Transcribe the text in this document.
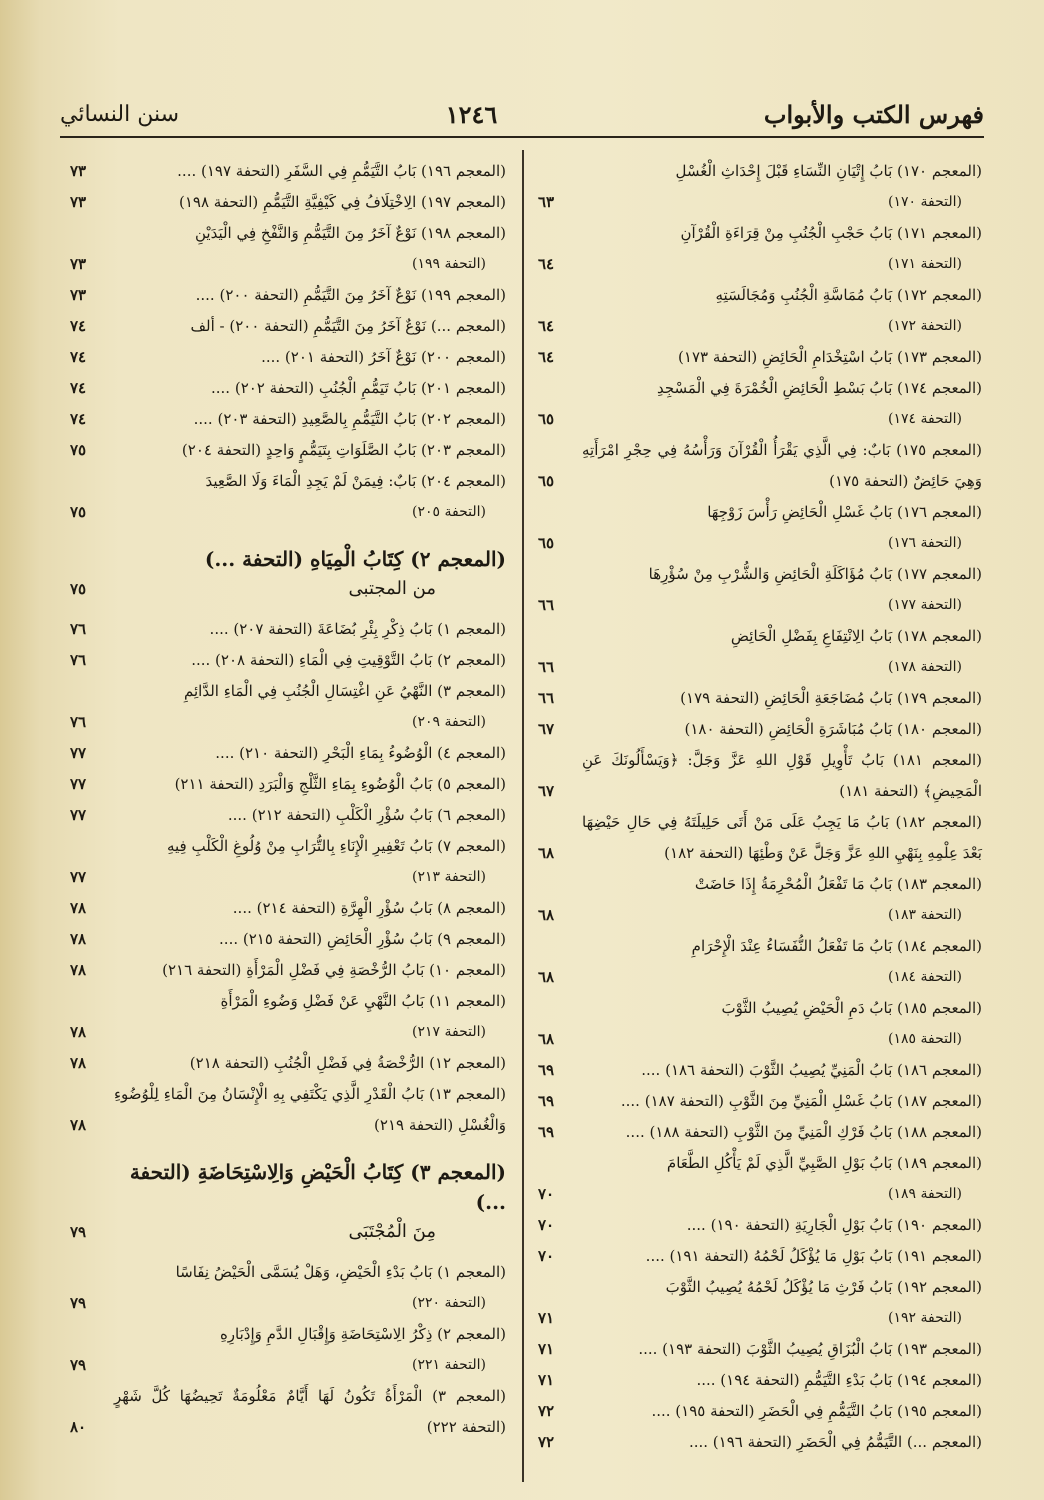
فهرس الكتب والأبواب
١٢٤٦
سنن النسائي
(المعجم ١٧٠) بَابُ إِتْيَانِ النِّسَاءِ قَبْلَ إِحْدَاثِ الْغُسْلِ
(التحفة ١٧٠)
٦٣
(المعجم ١٧١) بَابُ حَجْبِ الْجُنُبِ مِنْ قِرَاءَةِ الْقُرْآنِ
(التحفة ١٧١)
٦٤
(المعجم ١٧٢) بَابُ مُمَاسَّةِ الْجُنُبِ وَمُجَالَسَتِهِ
(التحفة ١٧٢)
٦٤
(المعجم ١٧٣) بَابُ اسْتِخْدَامِ الْحَائِضِ (التحفة ١٧٣)
٦٤
(المعجم ١٧٤) بَابُ بَسْطِ الْحَائِضِ الْخُمْرَةَ فِي الْمَسْجِدِ
(التحفة ١٧٤)
٦٥
(المعجم ١٧٥) بَابٌ: فِي الَّذِي يَقْرَأُ الْقُرْآنَ وَرَأْسُهُ فِي حِجْرِ امْرَأَتِهِ وَهِيَ حَائِضٌ (التحفة ١٧٥)
٦٥
(المعجم ١٧٦) بَابُ غَسْلِ الْحَائِضِ رَأْسَ زَوْجِهَا
(التحفة ١٧٦)
٦٥
(المعجم ١٧٧) بَابُ مُؤَاكَلَةِ الْحَائِضِ وَالشُّرْبِ مِنْ سُؤْرِهَا
(التحفة ١٧٧)
٦٦
(المعجم ١٧٨) بَابُ الِانْتِفَاعِ بِفَضْلِ الْحَائِضِ
(التحفة ١٧٨)
٦٦
(المعجم ١٧٩) بَابُ مُضَاجَعَةِ الْحَائِضِ (التحفة ١٧٩)
٦٦
(المعجم ١٨٠) بَابُ مُبَاشَرَةِ الْحَائِضِ (التحفة ١٨٠)
٦٧
(المعجم ١٨١) بَابُ تَأْوِيلِ قَوْلِ اللهِ عَزَّ وَجَلَّ: ﴿وَيَسْأَلُونَكَ عَنِ الْمَحِيضِ﴾ (التحفة ١٨١)
٦٧
(المعجم ١٨٢) بَابُ مَا يَجِبُ عَلَى مَنْ أَتَى حَلِيلَتَهُ فِي حَالِ حَيْضِهَا بَعْدَ عِلْمِهِ بِنَهْيِ اللهِ عَزَّ وَجَلَّ عَنْ وَطْئِهَا (التحفة ١٨٢)
٦٨
(المعجم ١٨٣) بَابُ مَا تَفْعَلُ الْمُحْرِمَةُ إِذَا حَاضَتْ
(التحفة ١٨٣)
٦٨
(المعجم ١٨٤) بَابُ مَا تَفْعَلُ النُّفَسَاءُ عِنْدَ الْإِحْرَامِ
(التحفة ١٨٤)
٦٨
(المعجم ١٨٥) بَابُ دَمِ الْحَيْضِ يُصِيبُ الثَّوْبَ
(التحفة ١٨٥)
٦٨
(المعجم ١٨٦) بَابُ الْمَنِيِّ يُصِيبُ الثَّوْبَ (التحفة ١٨٦) ....
٦٩
(المعجم ١٨٧) بَابُ غَسْلِ الْمَنِيِّ مِنَ الثَّوْبِ (التحفة ١٨٧) ....
٦٩
(المعجم ١٨٨) بَابُ فَرْكِ الْمَنِيِّ مِنَ الثَّوْبِ (التحفة ١٨٨) ....
٦٩
(المعجم ١٨٩) بَابُ بَوْلِ الصَّبِيِّ الَّذِي لَمْ يَأْكُلِ الطَّعَامَ
(التحفة ١٨٩)
٧٠
(المعجم ١٩٠) بَابُ بَوْلِ الْجَارِيَةِ (التحفة ١٩٠) ....
٧٠
(المعجم ١٩١) بَابُ بَوْلِ مَا يُؤْكَلُ لَحْمُهُ (التحفة ١٩١) ....
٧٠
(المعجم ١٩٢) بَابُ فَرْثِ مَا يُؤْكَلُ لَحْمُهُ يُصِيبُ الثَّوْبَ
(التحفة ١٩٢)
٧١
(المعجم ١٩٣) بَابُ الْبُزَاقِ يُصِيبُ الثَّوْبَ (التحفة ١٩٣) ....
٧١
(المعجم ١٩٤) بَابُ بَدْءِ التَّيَمُّمِ (التحفة ١٩٤) ....
٧١
(المعجم ١٩٥) بَابُ التَّيَمُّمِ فِي الْحَضَرِ (التحفة ١٩٥) ....
٧٢
(المعجم ...) التَّيَمُّمُ فِي الْحَضَرِ (التحفة ١٩٦) ....
٧٢
(المعجم ١٩٦) بَابُ التَّيَمُّمِ فِي السَّفَرِ (التحفة ١٩٧) ....
٧٣
(المعجم ١٩٧) الِاخْتِلَافُ فِي كَيْفِيَّةِ التَّيَمُّمِ (التحفة ١٩٨)
٧٣
(المعجم ١٩٨) نَوْعٌ آخَرُ مِنَ التَّيَمُّمِ وَالنَّفْخِ فِي الْيَدَيْنِ
(التحفة ١٩٩)
٧٣
(المعجم ١٩٩) نَوْعٌ آخَرُ مِنَ التَّيَمُّمِ (التحفة ٢٠٠) ....
٧٣
(المعجم ...) نَوْعٌ آخَرُ مِنَ التَّيَمُّمِ (التحفة ٢٠٠) - ألف
٧٤
(المعجم ٢٠٠) نَوْعٌ آخَرُ (التحفة ٢٠١) ....
٧٤
(المعجم ٢٠١) بَابُ تَيَمُّمِ الْجُنُبِ (التحفة ٢٠٢) ....
٧٤
(المعجم ٢٠٢) بَابُ التَّيَمُّمِ بِالصَّعِيدِ (التحفة ٢٠٣) ....
٧٤
(المعجم ٢٠٣) بَابُ الصَّلَوَاتِ بِتَيَمُّمٍ وَاحِدٍ (التحفة ٢٠٤)
٧٥
(المعجم ٢٠٤) بَابٌ: فِيمَنْ لَمْ يَجِدِ الْمَاءَ وَلَا الصَّعِيدَ
(التحفة ٢٠٥)
٧٥
(المعجم ٢) كِتَابُ الْمِيَاهِ (التحفة ...)
من المجتبى
٧٥
(المعجم ١) بَابُ ذِكْرِ بِئْرِ بُضَاعَةَ (التحفة ٢٠٧) ....
٧٦
(المعجم ٢) بَابُ التَّوْقِيتِ فِي الْمَاءِ (التحفة ٢٠٨) ....
٧٦
(المعجم ٣) النَّهْيُ عَنِ اغْتِسَالِ الْجُنُبِ فِي الْمَاءِ الدَّائِمِ
(التحفة ٢٠٩)
٧٦
(المعجم ٤) الْوُضُوءُ بِمَاءِ الْبَحْرِ (التحفة ٢١٠) ....
٧٧
(المعجم ٥) بَابُ الْوُضُوءِ بِمَاءِ الثَّلْجِ وَالْبَرَدِ (التحفة ٢١١)
٧٧
(المعجم ٦) بَابُ سُؤْرِ الْكَلْبِ (التحفة ٢١٢) ....
٧٧
(المعجم ٧) بَابُ تَعْفِيرِ الْإِنَاءِ بِالتُّرَابِ مِنْ وُلُوغِ الْكَلْبِ فِيهِ
(التحفة ٢١٣)
٧٧
(المعجم ٨) بَابُ سُؤْرِ الْهِرَّةِ (التحفة ٢١٤) ....
٧٨
(المعجم ٩) بَابُ سُؤْرِ الْحَائِضِ (التحفة ٢١٥) ....
٧٨
(المعجم ١٠) بَابُ الرُّخْصَةِ فِي فَضْلِ الْمَرْأَةِ (التحفة ٢١٦)
٧٨
(المعجم ١١) بَابُ النَّهْيِ عَنْ فَضْلِ وَضُوءِ الْمَرْأَةِ
(التحفة ٢١٧)
٧٨
(المعجم ١٢) الرُّخْصَةُ فِي فَضْلِ الْجُنُبِ (التحفة ٢١٨)
٧٨
(المعجم ١٣) بَابُ الْقَدْرِ الَّذِي يَكْتَفِي بِهِ الْإِنْسَانُ مِنَ الْمَاءِ لِلْوُضُوءِ وَالْغُسْلِ (التحفة ٢١٩)
٧٨
(المعجم ٣) كِتَابُ الْحَيْضِ وَالِاسْتِحَاضَةِ (التحفة ...)
مِنَ الْمُجْتَبَى
٧٩
(المعجم ١) بَابُ بَدْءِ الْحَيْضِ، وَهَلْ يُسَمَّى الْحَيْضُ نِفَاسًا
(التحفة ٢٢٠)
٧٩
(المعجم ٢) ذِكْرُ الِاسْتِحَاضَةِ وَإِقْبَالِ الدَّمِ وَإِدْبَارِهِ
(التحفة ٢٢١)
٧٩
(المعجم ٣) الْمَرْأَةُ تَكُونُ لَهَا أَيَّامٌ مَعْلُومَةٌ تَحِيضُهَا كُلَّ شَهْرٍ (التحفة ٢٢٢)
٨٠
